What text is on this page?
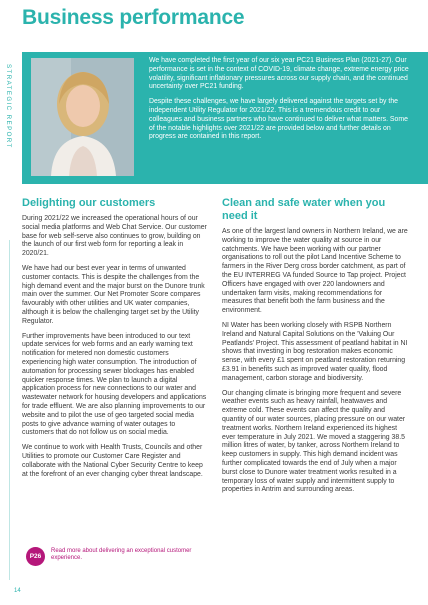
Business performance
STRATEGIC REPORT

We have completed the first year of our six year PC21 Business Plan (2021-27). Our performance is set in the context of COVID-19, climate change, extreme energy price volatility, significant inflationary pressures across our supply chain, and the continued uncertainty over PC21 funding.

Despite these challenges, we have largely delivered against the targets set by the independent Utility Regulator for 2021/22. This is a tremendous credit to our colleagues and business partners who have continued to deliver what matters. Some of the notable highlights over 2021/22 are provided below and further details on progress are contained in this report.

Delighting our customers

During 2021/22 we increased the operational hours of our social media platforms and Web Chat Service. Our customer base for web self-serve also continues to grow, building on the launch of our first web form for reporting a leak in 2020/21.

We have had our best ever year in terms of unwanted customer contacts. This is despite the challenges from the high demand event and the major burst on the Dunore trunk main over the summer. Our Net Promoter Score compares favourably with other utilities and UK water companies, although it is below the challenging target set by the Utility Regulator.

Further improvements have been introduced to our text update services for web forms and an early warning text notification for metered non domestic customers experiencing high water consumption. The introduction of automation for processing sewer blockages has enabled quicker response times. We plan to launch a digital application process for new connections to our water and wastewater network for housing developers and applications for trade effluent. We are also planning improvements to our website and to pilot the use of geo targeted social media posts to give advance warning of water outages to customers that do not follow us on social media.

We continue to work with Health Trusts, Councils and other Utilities to promote our Customer Care Register and collaborate with the National Cyber Security Centre to keep at the forefront of an ever changing cyber threat landscape.

P26
Read more about delivering an exceptional customer experience.
Clean and safe water when you need it

As one of the largest land owners in Northern Ireland, we are working to improve the water quality at source in our catchments. We have been working with our partner organisations to roll out the pilot Land Incentive Scheme to farmers in the River Derg cross border catchment, as part of the EU INTERREG VA funded Source to Tap project. Project Officers have engaged with over 220 landowners and undertaken farm visits, making recommendations for measures that benefit both the farm business and the environment.

NI Water has been working closely with RSPB Northern Ireland and Natural Capital Solutions on the 'Valuing Our Peatlands' Project. This assessment of peatland habitat in NI shows that investing in bog restoration makes economic sense, with every £1 spent on peatland restoration returning £3.91 in benefits such as improved water quality, flood management, carbon storage and biodiversity.

Our changing climate is bringing more frequent and severe weather events such as heavy rainfall, heatwaves and extreme cold. These events can affect the quality and quantity of our water sources, placing pressure on our water treatment works. Northern Ireland experienced its highest ever temperature in July 2021. We moved a staggering 38.5 million litres of water, by tanker, across Northern Ireland to keep customers in supply. This high demand incident was further complicated towards the end of July when a major burst close to Dunore water treatment works resulted in a temporary loss of water supply and intermittent supply to properties in Antrim and surrounding areas.

14
